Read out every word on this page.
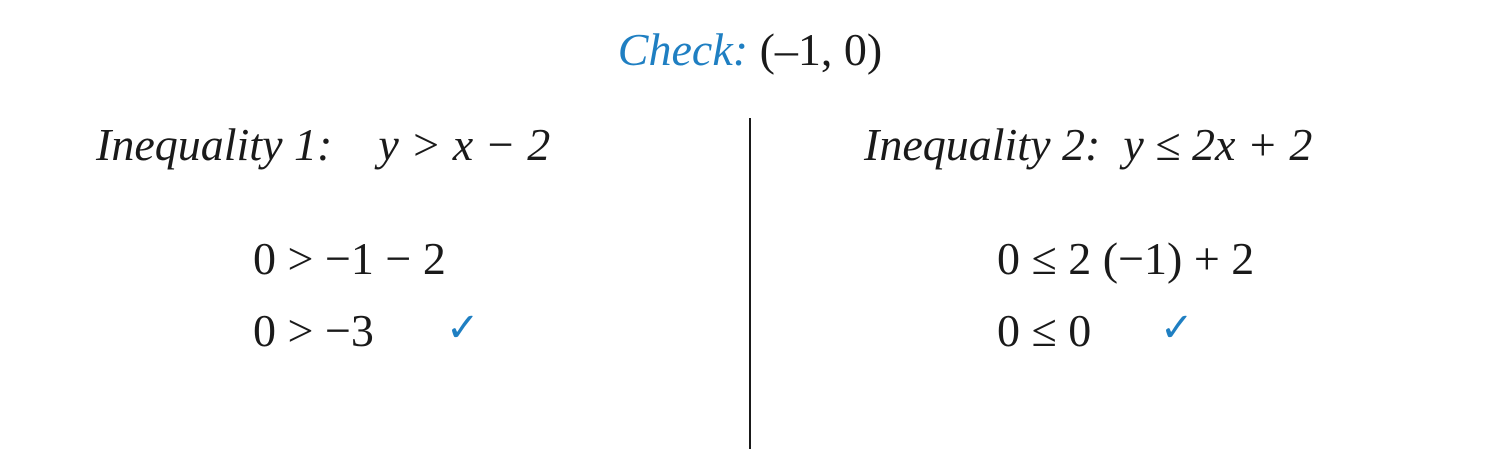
Check: (–1, 0)
Inequality 1: y > x − 2	Inequality 2: y ≤ 2x + 2
0 > −1 − 2
0 > −3 ✓
0 ≤ 2 (−1) + 2
0 ≤ 0 ✓
